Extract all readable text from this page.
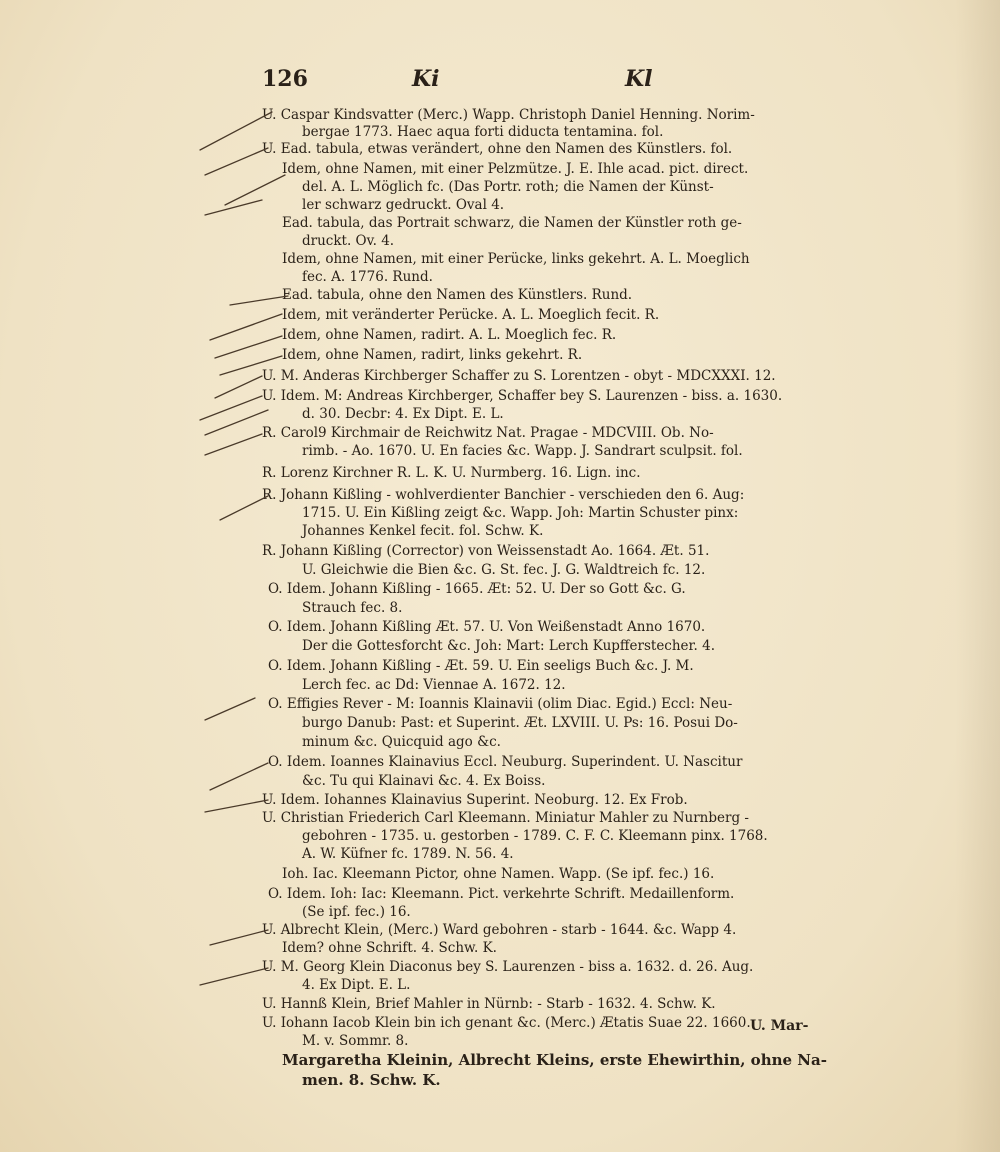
126	Ki	Kl
U. Caspar Kindsvatter (Merc.) Wapp. Christoph Daniel Henning. Norim-
bergae 1773. Haec aqua forti diducta tentamina. fol.
U. Ead. tabula, etwas verändert, ohne den Namen des Künstlers. fol.
Idem, ohne Namen, mit einer Pelzmütze. J. E. Ihle acad. pict. direct.
del. A. L. Möglich fc. (Das Portr. roth; die Namen der Künst-
ler schwarz gedruckt. Oval 4.
Ead. tabula, das Portrait schwarz, die Namen der Künstler roth ge-
druckt. Ov. 4.
Idem, ohne Namen, mit einer Perücke, links gekehrt. A. L. Moeglich
fec. A. 1776. Rund.
Ead. tabula, ohne den Namen des Künstlers. Rund.
Idem, mit veränderter Perücke. A. L. Moeglich fecit. R.
Idem, ohne Namen, radirt. A. L. Moeglich fec. R.
Idem, ohne Namen, radirt, links gekehrt. R.
U. M. Anderas Kirchberger Schaffer zu S. Lorentzen - obyt - MDCXXXI. 12.
U. Idem. M: Andreas Kirchberger, Schaffer bey S. Laurenzen - biss. a. 1630.
d. 30. Decbr: 4. Ex Dipt. E. L.
R. Carol9 Kirchmair de Reichwitz Nat. Pragae - MDCVIII. Ob. No-
rimb. - Ao. 1670. U. En facies &c. Wapp. J. Sandrart sculpsit. fol.
R. Lorenz Kirchner R. L. K. U. Nurmberg. 16. Lign. inc.
R. Johann Kißling - wohlverdienter Banchier - verschieden den 6. Aug:
1715. U. Ein Kißling zeigt &c. Wapp. Joh: Martin Schuster pinx:
Johannes Kenkel fecit. fol. Schw. K.
R. Johann Kißling (Corrector) von Weissenstadt Ao. 1664. Æt. 51.
U. Gleichwie die Bien &c. G. St. fec. J. G. Waldtreich fc. 12.
O. Idem. Johann Kißling - 1665. Æt: 52. U. Der so Gott &c. G.
Strauch fec. 8.
O. Idem. Johann Kißling Æt. 57. U. Von Weißenstadt Anno 1670.
Der die Gottesforcht &c. Joh: Mart: Lerch Kupfferstecher. 4.
O. Idem. Johann Kißling - Æt. 59. U. Ein seeligs Buch &c. J. M.
Lerch fec. ac Dd: Viennae A. 1672. 12.
O. Effigies Rever - M: Ioannis Klainavii (olim Diac. Egid.) Eccl: Neu-
burgo Danub: Past: et Superint. Æt. LXVIII. U. Ps: 16. Posui Do-
minum &c. Quicquid ago &c.
O. Idem. Ioannes Klainavius Eccl. Neuburg. Superindent. U. Nascitur
&c. Tu qui Klainavi &c. 4. Ex Boiss.
U. Idem. Iohannes Klainavius Superint. Neoburg. 12. Ex Frob.
U. Christian Friederich Carl Kleemann. Miniatur Mahler zu Nurnberg -
gebohren - 1735. u. gestorben - 1789. C. F. C. Kleemann pinx. 1768.
A. W. Küfner fc. 1789. N. 56. 4.
Ioh. Iac. Kleemann Pictor, ohne Namen. Wapp. (Se ipf. fec.) 16.
O. Idem. Ioh: Iac: Kleemann. Pict. verkehrte Schrift. Medaillenform.
(Se ipf. fec.) 16.
U. Albrecht Klein, (Merc.) Ward gebohren - starb - 1644. &c. Wapp 4.
Idem? ohne Schrift. 4. Schw. K.
U. M. Georg Klein Diaconus bey S. Laurenzen - biss a. 1632. d. 26. Aug.
4. Ex Dipt. E. L.
U. Hannß Klein, Brief Mahler in Nürnb: - Starb - 1632. 4. Schw. K.
U. Iohann Iacob Klein bin ich genant &c. (Merc.) Ætatis Suae 22. 1660.
M. v. Sommr. 8.
Margaretha Kleinin, Albrecht Kleins, erste Ehewirthin, ohne Na-
men. 8. Schw. K.
U. Mar-
